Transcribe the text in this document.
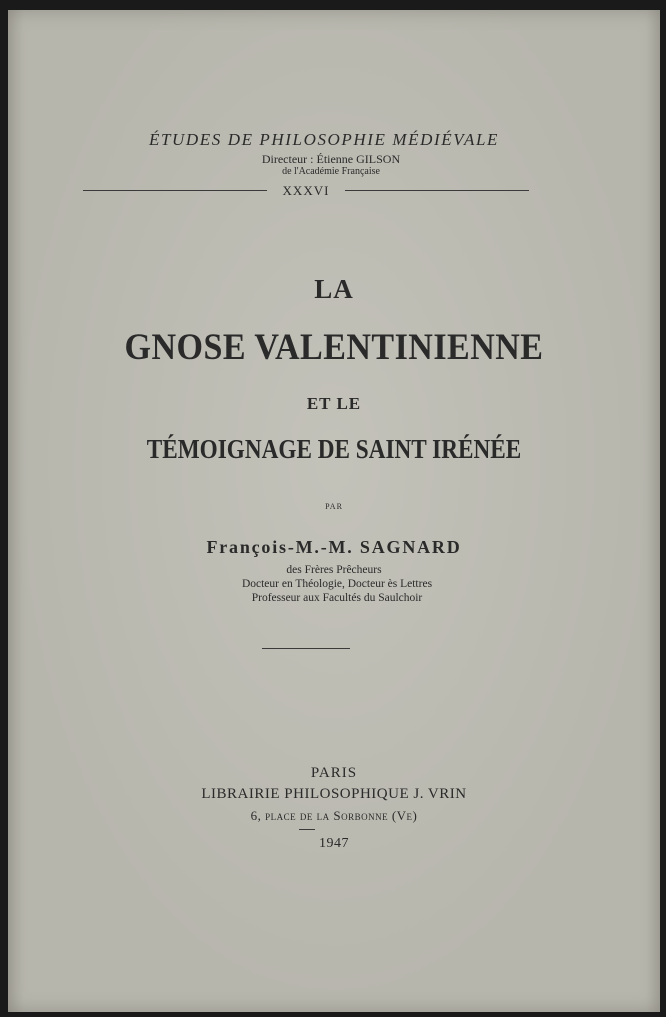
ÉTUDES DE PHILOSOPHIE MÉDIÉVALE
Directeur : Étienne GILSON
de l'Académie Française
XXXVI
LA
GNOSE VALENTINIENNE
ET LE
TÉMOIGNAGE DE SAINT IRÉNÉE
PAR
François-M.-M. SAGNARD
des Frères Prêcheurs
Docteur en Théologie, Docteur ès Lettres
Professeur aux Facultés du Saulchoir
PARIS
LIBRAIRIE PHILOSOPHIQUE J. VRIN
6, place de la Sorbonne (Ve)
1947
